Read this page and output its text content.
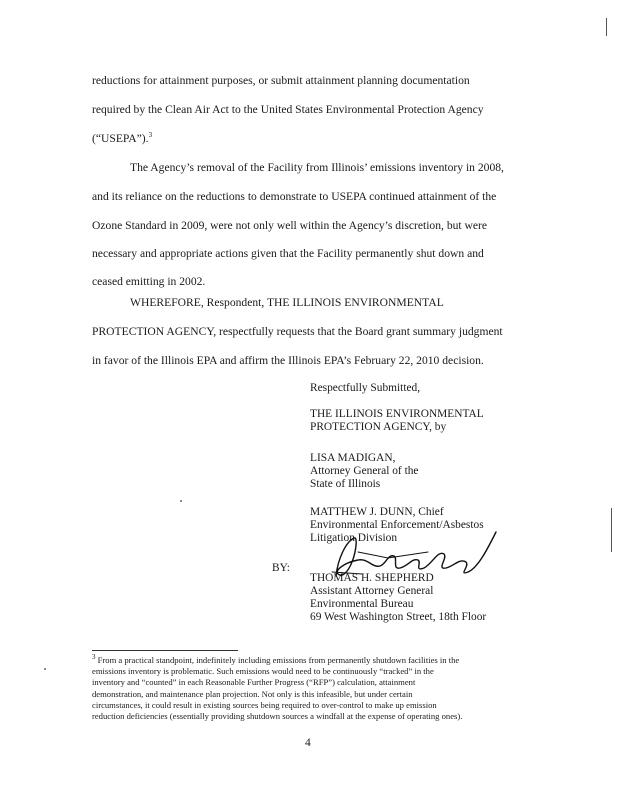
reductions for attainment purposes, or submit attainment planning documentation
required by the Clean Air Act to the United States Environmental Protection Agency
(“USEPA”).$^3$
The Agency’s removal of the Facility from Illinois’ emissions inventory in 2008,
and its reliance on the reductions to demonstrate to USEPA continued attainment of the
Ozone Standard in 2009, were not only well within the Agency’s discretion, but were
necessary and appropriate actions given that the Facility permanently shut down and
ceased emitting in 2002.
WHEREFORE, Respondent, THE ILLINOIS ENVIRONMENTAL
PROTECTION AGENCY, respectfully requests that the Board grant summary judgment
in favor of the Illinois EPA and affirm the Illinois EPA’s February 22, 2010 decision.
Respectfully Submitted,
THE ILLINOIS ENVIRONMENTAL
PROTECTION AGENCY, by
LISA MADIGAN,
Attorney General of the
State of Illinois
MATTHEW J. DUNN, Chief
Environmental Enforcement/Asbestos
Litigation Division
BY:
THOMAS H. SHEPHERD
Assistant Attorney General
Environmental Bureau
69 West Washington Street, 18th Floor
$^3$ From a practical standpoint, indefinitely including emissions from permanently shutdown facilities in the
emissions inventory is problematic. Such emissions would need to be continuously “tracked” in the
inventory and “counted” in each Reasonable Further Progress (“RFP”) calculation, attainment
demonstration, and maintenance plan projection. Not only is this infeasible, but under certain
circumstances, it could result in existing sources being required to over-control to make up emission
reduction deficiencies (essentially providing shutdown sources a windfall at the expense of operating ones).
4
